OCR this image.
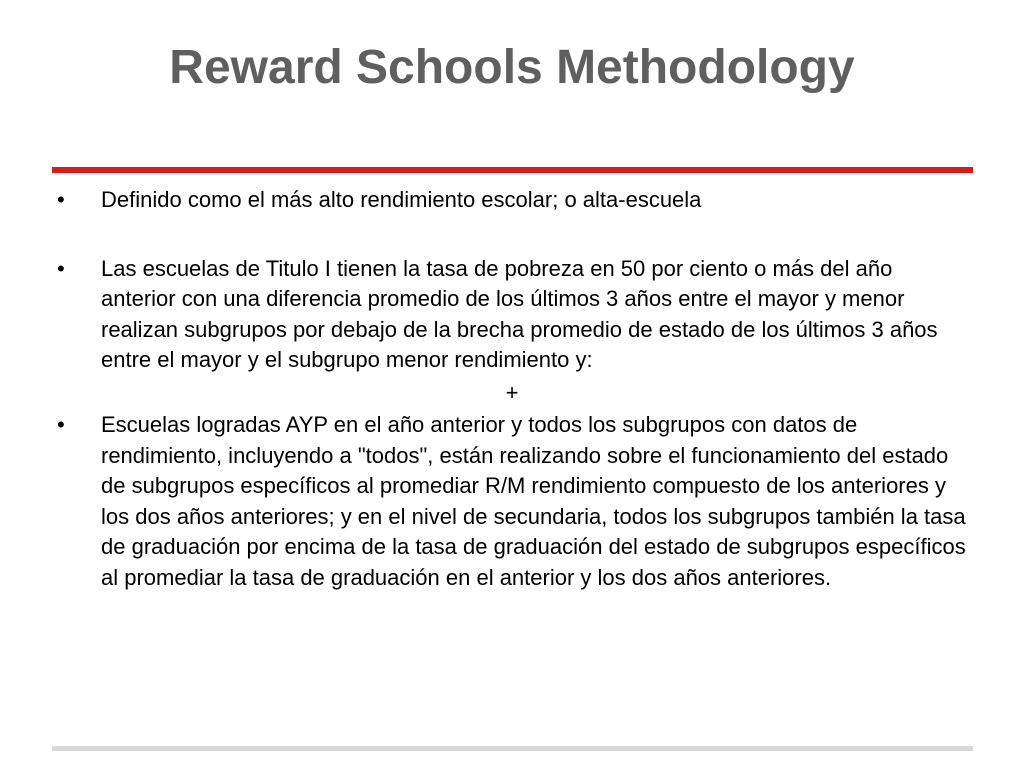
Reward Schools Methodology

•	Definido como el más alto rendimiento escolar; o alta-escuela

•	Las escuelas de Titulo I tienen la tasa de pobreza en 50 por ciento o más del año anterior con una diferencia promedio de los últimos 3 años entre el mayor y menor realizan subgrupos por debajo de la brecha promedio de estado de los últimos 3 años entre el mayor y el subgrupo menor rendimiento y:

+

•	Escuelas logradas AYP en el año anterior y todos los subgrupos con datos de rendimiento, incluyendo a "todos", están realizando sobre el funcionamiento del estado de subgrupos específicos al promediar R/M rendimiento compuesto de los anteriores y los dos años anteriores; y en el nivel de secundaria, todos los subgrupos también la tasa de graduación por encima de la tasa de graduación del estado de subgrupos específicos al promediar la tasa de graduación en el anterior y los dos años anteriores.
